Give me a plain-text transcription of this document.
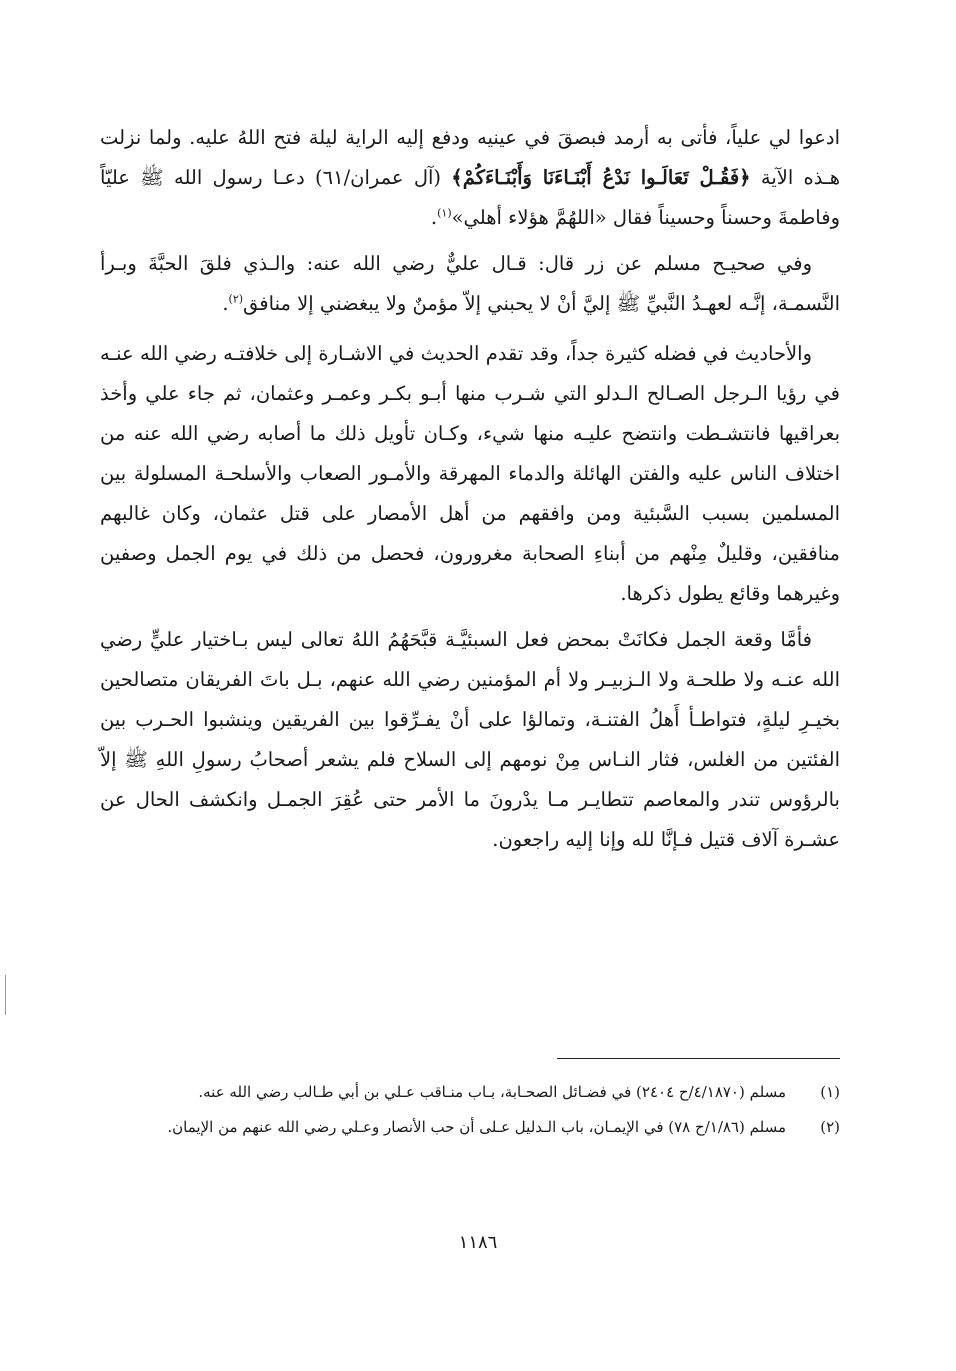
ادعوا لي علياً، فأتى به أرمد فبصقَ في عينيه ودفع إليه الراية ليلة فتح اللهُ عليه. ولما نزلت هـذه الآية ﴿فَقُـلْ تَعَالَـوا نَدْعُ أَبْنَـاءَنَا وَأَبْنَـاءَكُمْ﴾ (آل عمران/٦١) دعـا رسول الله ﷺ عليّاً وفاطمةَ وحسناً وحسيناً فقال «اللهُمَّ هؤلاء أهلي»$^{(١)}$.

وفي صحيـح مسلم عن زر قال: قـال عليٌّ رضي الله عنه: والـذي فلقَ الحبَّةَ وبـرأ النَّسمـة، إنَّـه لعهـدُ النَّبيِّ ﷺ إليَّ أنْ لا يحبني إلاّ مؤمنٌ ولا يبغضني إلا منافق$^{(٢)}$.

والأحاديث في فضله كثيرة جداً، وقد تقدم الحديث في الاشـارة إلى خلافتـه رضي الله عنـه في رؤيا الـرجل الصـالح الـدلو التي شـرب منها أبـو بكـر وعمـر وعثمان، ثم جاء علي وأخذ بعراقيها فانتشـطت وانتضح عليـه منها شيء، وكـان تأويل ذلك ما أصابه رضي الله عنه من اختلاف الناس عليه والفتن الهائلة والدماء المهرقة والأمـور الصعاب والأسلحـة المسلولة بين المسلمين بسبب السَّبئية ومن وافقهم من أهل الأمصار على قتل عثمان، وكان غالبهم منافقين، وقليلٌ مِنْهم من أبناءِ الصحابة مغرورون، فحصل من ذلك في يوم الجمل وصفين وغيرهما وقائع يطول ذكرها.

فأمَّا وقعة الجمل فكانَتْ بمحض فعل السبئيَّـة قبَّحَهُمُ اللهُ تعالى ليس بـاختيار عليٍّ رضي الله عنـه ولا طلحـة ولا الـزبيـر ولا أم المؤمنين رضي الله عنهم، بـل باتَ الفريقان متصالحين بخيـرِ ليلةٍ، فتواطـأ أَهلُ الفتنـة، وتمالؤا على أنْ يفـرِّقوا بين الفريقين وينشبوا الحـرب بين الفئتين من الغلس، فثار النـاس مِنْ نومهم إلى السلاح فلم يشعر أصحابُ رسولِ اللهِ ﷺ إلاّ بالرؤوس تندر والمعاصم تتطايـر مـا يدْرونَ ما الأمر حتى عُقِرَ الجمـل وانكشف الحال عن عشـرة آلاف قتيل فـإنَّا لله وإنا إليه راجعون.

(١)
مسلم (٤/١٨٧٠/ح ٢٤٠٤) في فضـائل الصحـابة، بـاب منـاقب عـلي بن أبي طـالب رضي الله عنه.
(٢)
مسلم (١/٨٦/ح ٧٨) في الإيمـان، باب الـدليل عـلى أن حب الأنصار وعـلي رضي الله عنهم من الإيمان.
١١٨٦
